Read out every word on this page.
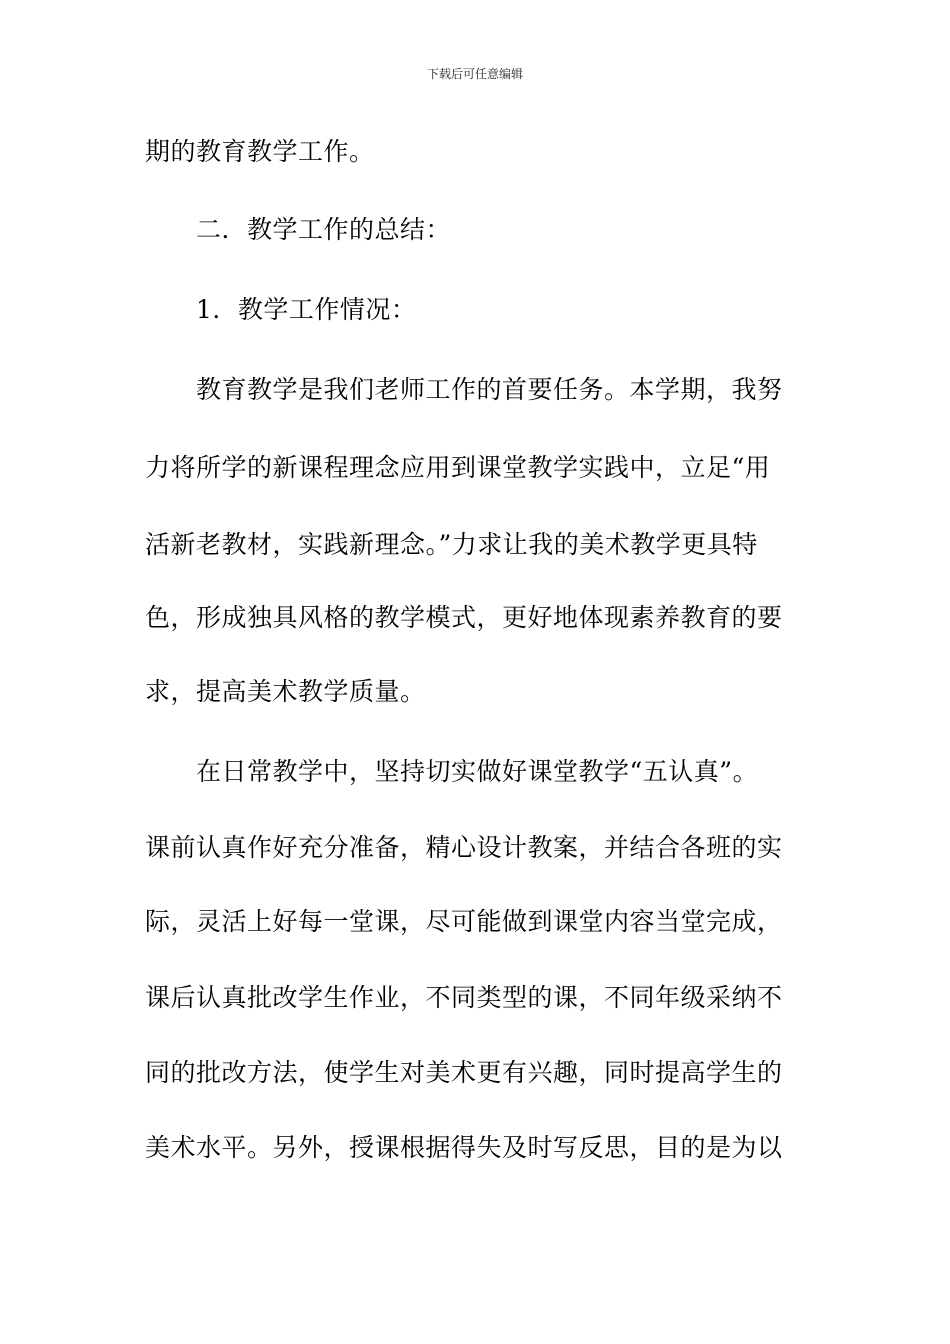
下载后可任意编辑
期的教育教学工作。
二．教学工作的总结：
1．教学工作情况：
教育教学是我们老师工作的首要任务。本学期，我努
力将所学的新课程理念应用到课堂教学实践中，立足“用
活新老教材，实践新理念。”力求让我的美术教学更具特
色，形成独具风格的教学模式，更好地体现素养教育的要
求，提高美术教学质量。
在日常教学中，坚持切实做好课堂教学“五认真”。
课前认真作好充分准备，精心设计教案，并结合各班的实
际，灵活上好每一堂课，尽可能做到课堂内容当堂完成，
课后认真批改学生作业，不同类型的课，不同年级采纳不
同的批改方法，使学生对美术更有兴趣，同时提高学生的
美术水平。另外，授课根据得失及时写反思，目的是为以
